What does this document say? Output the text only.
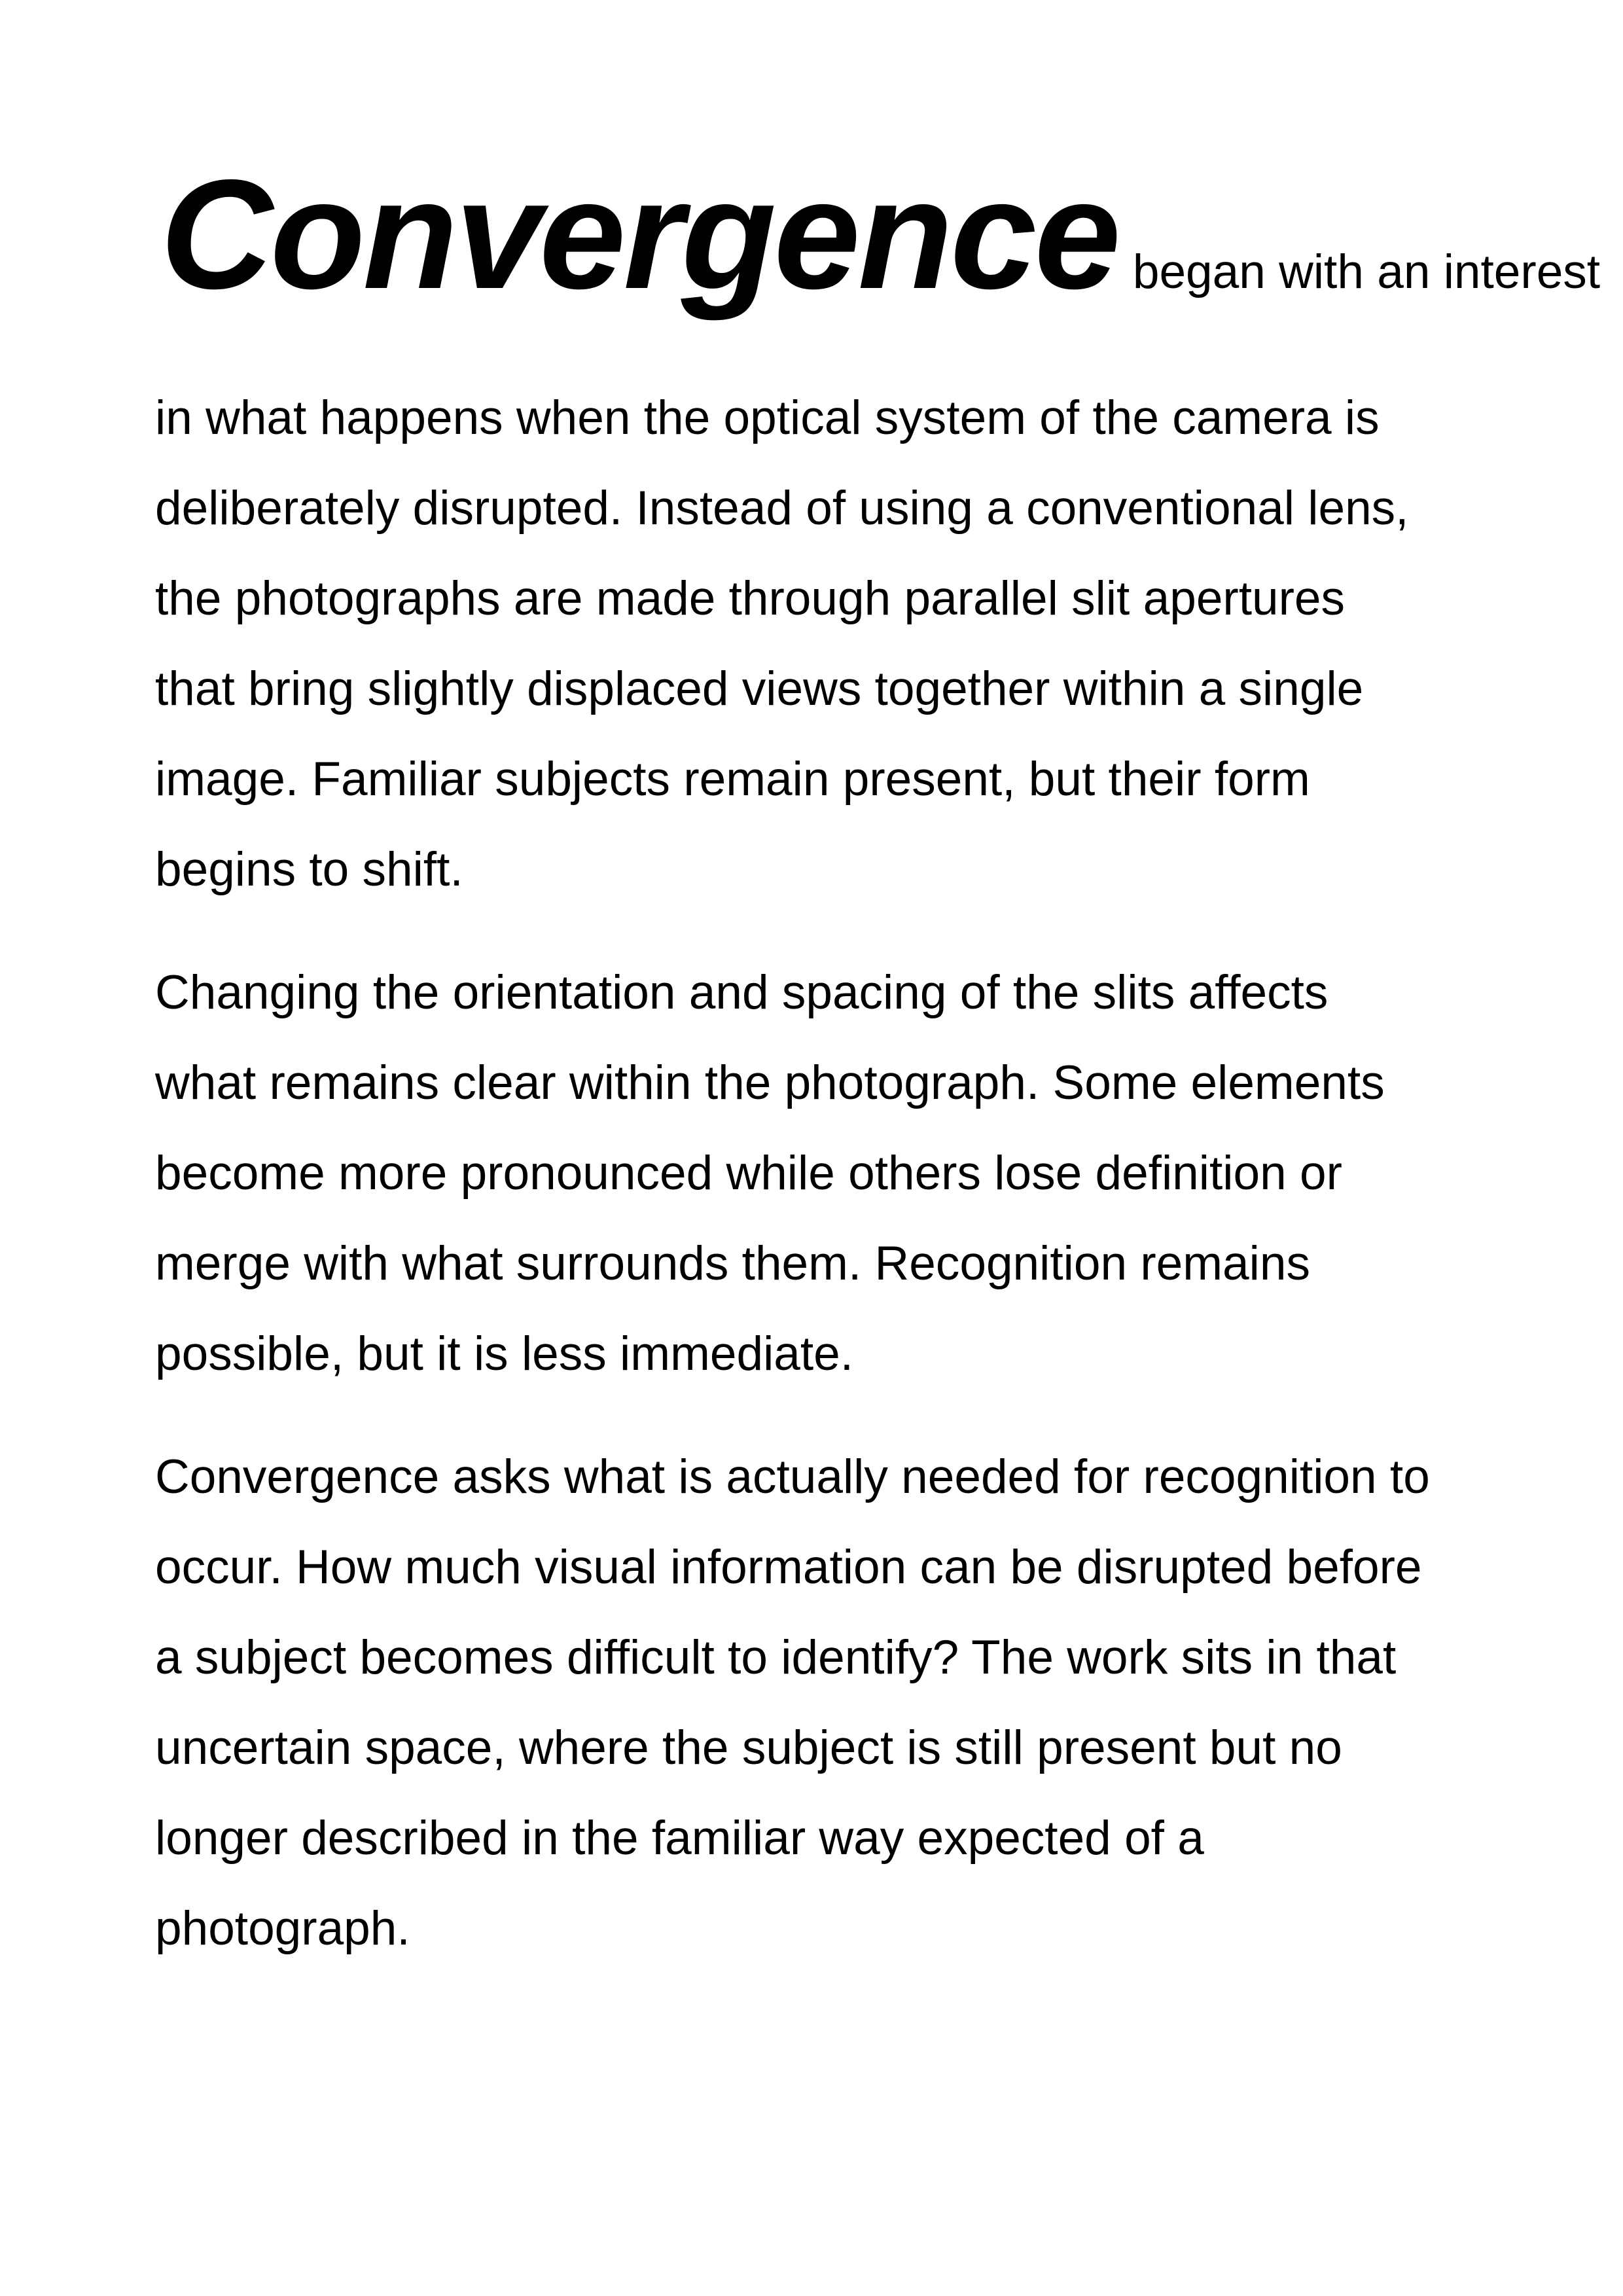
Convergence began with an interest

in what happens when the optical system of the camera is
deliberately disrupted. Instead of using a conventional lens,
the photographs are made through parallel slit apertures
that bring slightly displaced views together within a single
image. Familiar subjects remain present, but their form
begins to shift.

Changing the orientation and spacing of the slits affects
what remains clear within the photograph. Some elements
become more pronounced while others lose definition or
merge with what surrounds them. Recognition remains
possible, but it is less immediate.

Convergence asks what is actually needed for recognition to
occur. How much visual information can be disrupted before
a subject becomes difficult to identify? The work sits in that
uncertain space, where the subject is still present but no
longer described in the familiar way expected of a
photograph.
